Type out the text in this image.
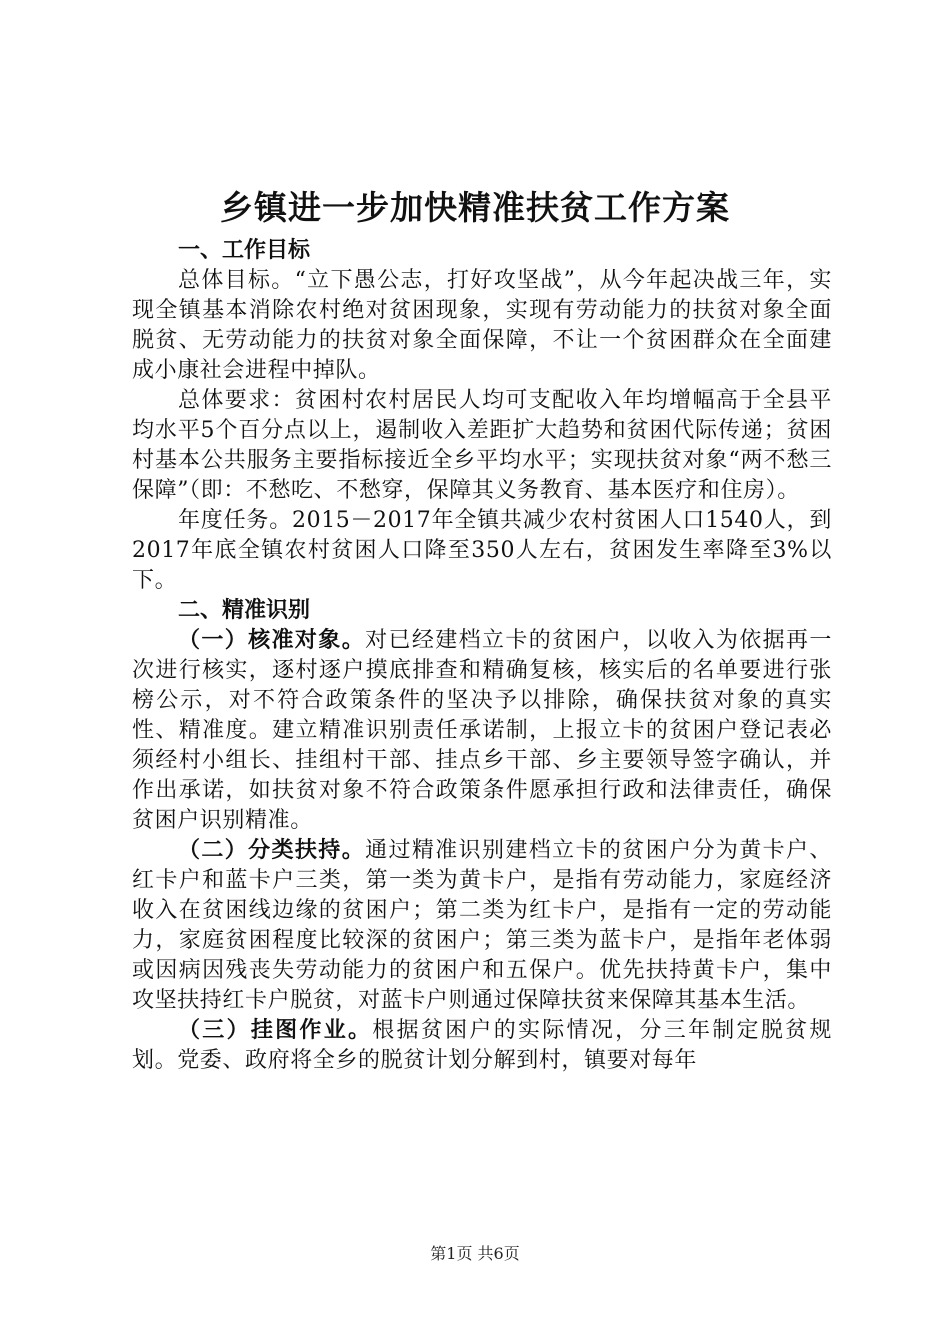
乡镇进一步加快精准扶贫工作方案
一、工作目标

总体目标。“立下愚公志，打好攻坚战”，从今年起决战三年，实现全镇基本消除农村绝对贫困现象，实现有劳动能力的扶贫对象全面脱贫、无劳动能力的扶贫对象全面保障，不让一个贫困群众在全面建成小康社会进程中掉队。

总体要求：贫困村农村居民人均可支配收入年均增幅高于全县平均水平5个百分点以上，遏制收入差距扩大趋势和贫困代际传递；贫困村基本公共服务主要指标接近全乡平均水平；实现扶贫对象“两不愁三保障”（即：不愁吃、不愁穿，保障其义务教育、基本医疗和住房）。

年度任务。2015－2017年全镇共减少农村贫困人口1540人，到2017年底全镇农村贫困人口降至350人左右，贫困发生率降至3%以下。

二、精准识别

（一）核准对象。对已经建档立卡的贫困户，以收入为依据再一次进行核实，逐村逐户摸底排查和精确复核，核实后的名单要进行张榜公示，对不符合政策条件的坚决予以排除，确保扶贫对象的真实性、精准度。建立精准识别责任承诺制，上报立卡的贫困户登记表必须经村小组长、挂组村干部、挂点乡干部、乡主要领导签字确认，并作出承诺，如扶贫对象不符合政策条件愿承担行政和法律责任，确保贫困户识别精准。

（二）分类扶持。通过精准识别建档立卡的贫困户分为黄卡户、红卡户和蓝卡户三类，第一类为黄卡户，是指有劳动能力，家庭经济收入在贫困线边缘的贫困户；第二类为红卡户，是指有一定的劳动能力，家庭贫困程度比较深的贫困户；第三类为蓝卡户，是指年老体弱或因病因残丧失劳动能力的贫困户和五保户。优先扶持黄卡户，集中攻坚扶持红卡户脱贫，对蓝卡户则通过保障扶贫来保障其基本生活。

（三）挂图作业。根据贫困户的实际情况，分三年制定脱贫规划。党委、政府将全乡的脱贫计划分解到村，镇要对每年

第1页 共6页
